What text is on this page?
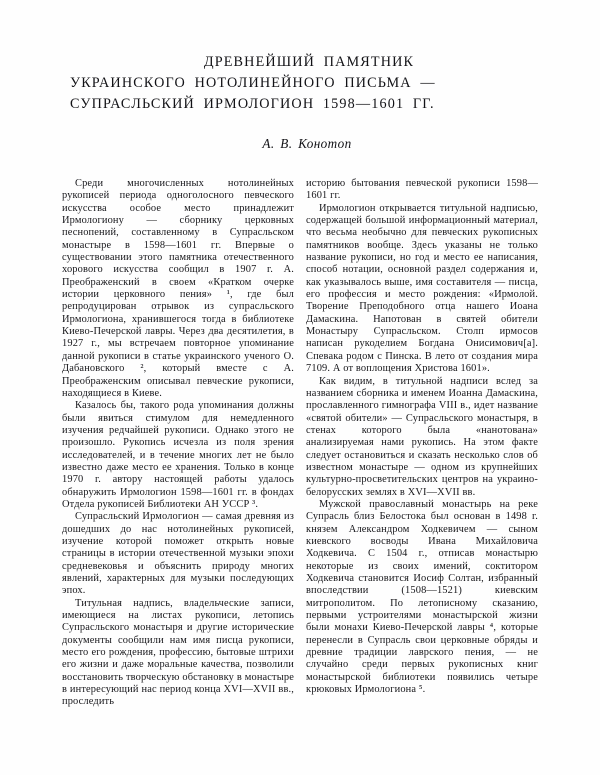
ДРЕВНЕЙШИЙ ПАМЯТНИК
УКРАИНСКОГО НОТОЛИНЕЙНОГО ПИСЬМА —
СУПРАСЛЬСКИЙ ИРМОЛОГИОН 1598—1601 ГГ.
А. В. Конотоп

Среди многочисленных нотолинейных рукописей периода одноголосного певческого искусства особое место принадлежит Ирмологиону — сборнику церковных песнопений, составленному в Супрасльском монастыре в 1598—1601 гг. Впервые о существовании этого памятника отечественного хорового искусства сообщил в 1907 г. А. Преображенский в своем «Кратком очерке истории церковного пения» ¹, где был репродуцирован отрывок из супрасльского Ирмологиона, хранившегося тогда в библиотеке Киево-Печерской лавры. Через два десятилетия, в 1927 г., мы встречаем повторное упоминание данной рукописи в статье украинского ученого О. Дабановского ², который вместе с А. Преображенским описывал певческие рукописи, находящиеся в Киеве.

Казалось бы, такого рода упоминания должны были явиться стимулом для немедленного изучения редчайшей рукописи. Однако этого не произошло. Рукопись исчезла из поля зрения исследователей, и в течение многих лет не было известно даже место ее хранения. Только в конце 1970 г. автору настоящей работы удалось обнаружить Ирмологион 1598—1601 гг. в фондах Отдела рукописей Библиотеки АН УССР ³.

Супрасльский Ирмологион — самая древняя из дошедших до нас нотолинейных рукописей, изучение которой поможет открыть новые страницы в истории отечественной музыки эпохи средневековья и объяснить природу многих явлений, характерных для музыки последующих эпох.

Титульная надпись, владельческие записи, имеющиеся на листах рукописи, летопись Супрасльского монастыря и другие исторические документы сообщили нам имя писца рукописи, место его рождения, профессию, бытовые штрихи его жизни и даже моральные качества, позволили восстановить творческую обстановку в монастыре в интересующий нас период конца XVI—XVII вв., проследить

историю бытования певческой рукописи 1598—1601 гг.

Ирмологион открывается титульной надписью, содержащей большой информационный материал, что весьма необычно для певческих рукописных памятников вообще. Здесь указаны не только название рукописи, но год и место ее написания, способ нотации, основной раздел содержания и, как указывалось выше, имя составителя — писца, его профессия и место рождения: «Ирмолой. Творение Преподобного отца нашего Иоана Дамаскина. Напотован в святей обители Монастыру Супрасльском. Столп ирмосов написан рукоделием Богдана Онисимович[а]. Спевака родом с Пинска. В лето от создания мира 7109. А от воплощения Христова 1601».

Как видим, в титульной надписи вслед за названием сборника и именем Иоанна Дамаскина, прославленного гимнографа VIII в., идет название «святой обители» — Супрасльского монастыря, в стенах которого была «нанотована» анализируемая нами рукопись. На этом факте следует остановиться и сказать несколько слов об известном монастыре — одном из крупнейших культурно-просветительских центров на украино-белорусских землях в XVI—XVII вв.

Мужской православный монастырь на реке Супрасль близ Белостока был основан в 1498 г. князем Александром Ходкевичем — сыном киевского восводы Ивана Михайловича Ходкевича. С 1504 г., отписав монастырю некоторые из своих имений, соктитором Ходкевича становится Иосиф Солтан, избранный впоследствии (1508—1521) киевским митрополитом. По летописному сказанию, первыми устроителями монастырской жизни были монахи Киево-Печерской лавры ⁴, которые перенесли в Супрасль свои церковные обряды и древние традиции лаврского пения, — не случайно среди первых рукописных книг монастырской библиотеки появились четыре крюковых Ирмологиона ⁵.
